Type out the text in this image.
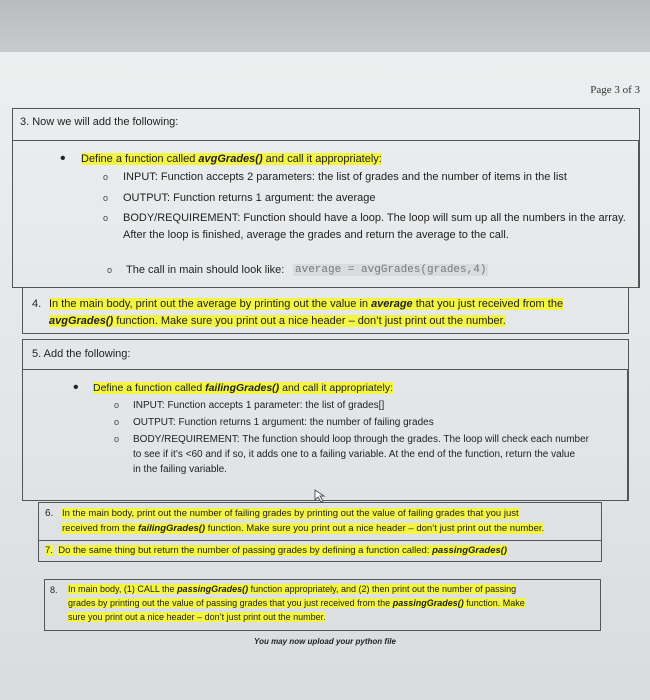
Page 3 of 3
3. Now we will add the following:
• Define a function called avgGrades() and call it appropriately:
o INPUT: Function accepts 2 parameters: the list of grades and the number of items in the list
o OUTPUT: Function returns 1 argument: the average
o BODY/REQUIREMENT: Function should have a loop. The loop will sum up all the numbers in the array.
After the loop is finished, average the grades and return the average to the call.
o The call in main should look like: average = avgGrades(grades,4)
4. In the main body, print out the average by printing out the value in average that you just received from the
avgGrades() function. Make sure you print out a nice header – don’t just print out the number.
5. Add the following:
• Define a function called failingGrades() and call it appropriately:
o INPUT: Function accepts 1 parameter: the list of grades[]
o OUTPUT: Function returns 1 argument: the number of failing grades
o BODY/REQUIREMENT: The function should loop through the grades. The loop will check each number
to see if it’s <60 and if so, it adds one to a failing variable. At the end of the function, return the value
in the failing variable.
6. In the main body, print out the number of failing grades by printing out the value of failing grades that you just
received from the failingGrades() function. Make sure you print out a nice header – don’t just print out the number.
7. Do the same thing but return the number of passing grades by defining a function called: passingGrades()
8. In main body, (1) CALL the passingGrades() function appropriately, and (2) then print out the number of passing
grades by printing out the value of passing grades that you just received from the passingGrades() function. Make
sure you print out a nice header – don’t just print out the number.
You may now upload your python file
